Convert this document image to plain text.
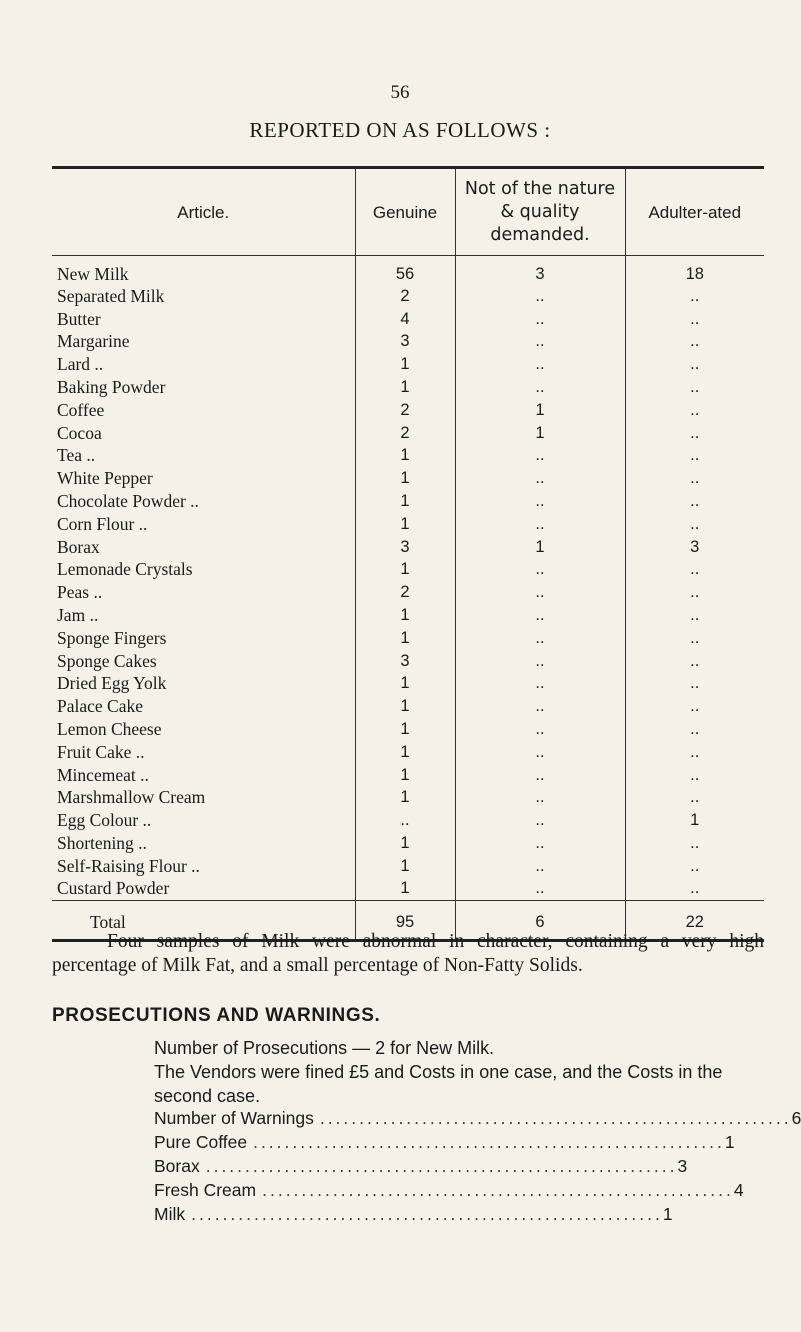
56
REPORTED ON AS FOLLOWS :
Article.	Genuine	Not of the nature & quality demanded.	Adulter-ated
New Milk	56	3	18
Separated Milk	2	..	..
Butter	4	..	..
Margarine	3	..	..
Lard ..	1	..	..
Baking Powder	1	..	..
Coffee	2	1	..
Cocoa	2	1	..
Tea ..	1	..	..
White Pepper	1	..	..
Chocolate Powder ..	1	..	..
Corn Flour ..	1	..	..
Borax	3	1	3
Lemonade Crystals	1	..	..
Peas ..	2	..	..
Jam ..	1	..	..
Sponge Fingers	1	..	..
Sponge Cakes	3	..	..
Dried Egg Yolk	1	..	..
Palace Cake	1	..	..
Lemon Cheese	1	..	..
Fruit Cake ..	1	..	..
Mincemeat ..	1	..	..
Marshmallow Cream	1	..	..
Egg Colour ..	..	..	1
Shortening ..	1	..	..
Self-Raising Flour ..	1	..	..
Custard Powder	1	..	..
Total	95	6	22
Four samples of Milk were abnormal in character, containing a very high percentage of Milk Fat, and a small percentage of Non-Fatty Solids.
PROSECUTIONS AND WARNINGS.
Number of Prosecutions — 2 for New Milk.
The Vendors were fined £5 and Costs in one case, and the Costs in the second case.
Number of Warnings ............................................................ 6
Pure Coffee ............................................................ 1
Borax ............................................................ 3
Fresh Cream ............................................................ 4
Milk ............................................................ 1
